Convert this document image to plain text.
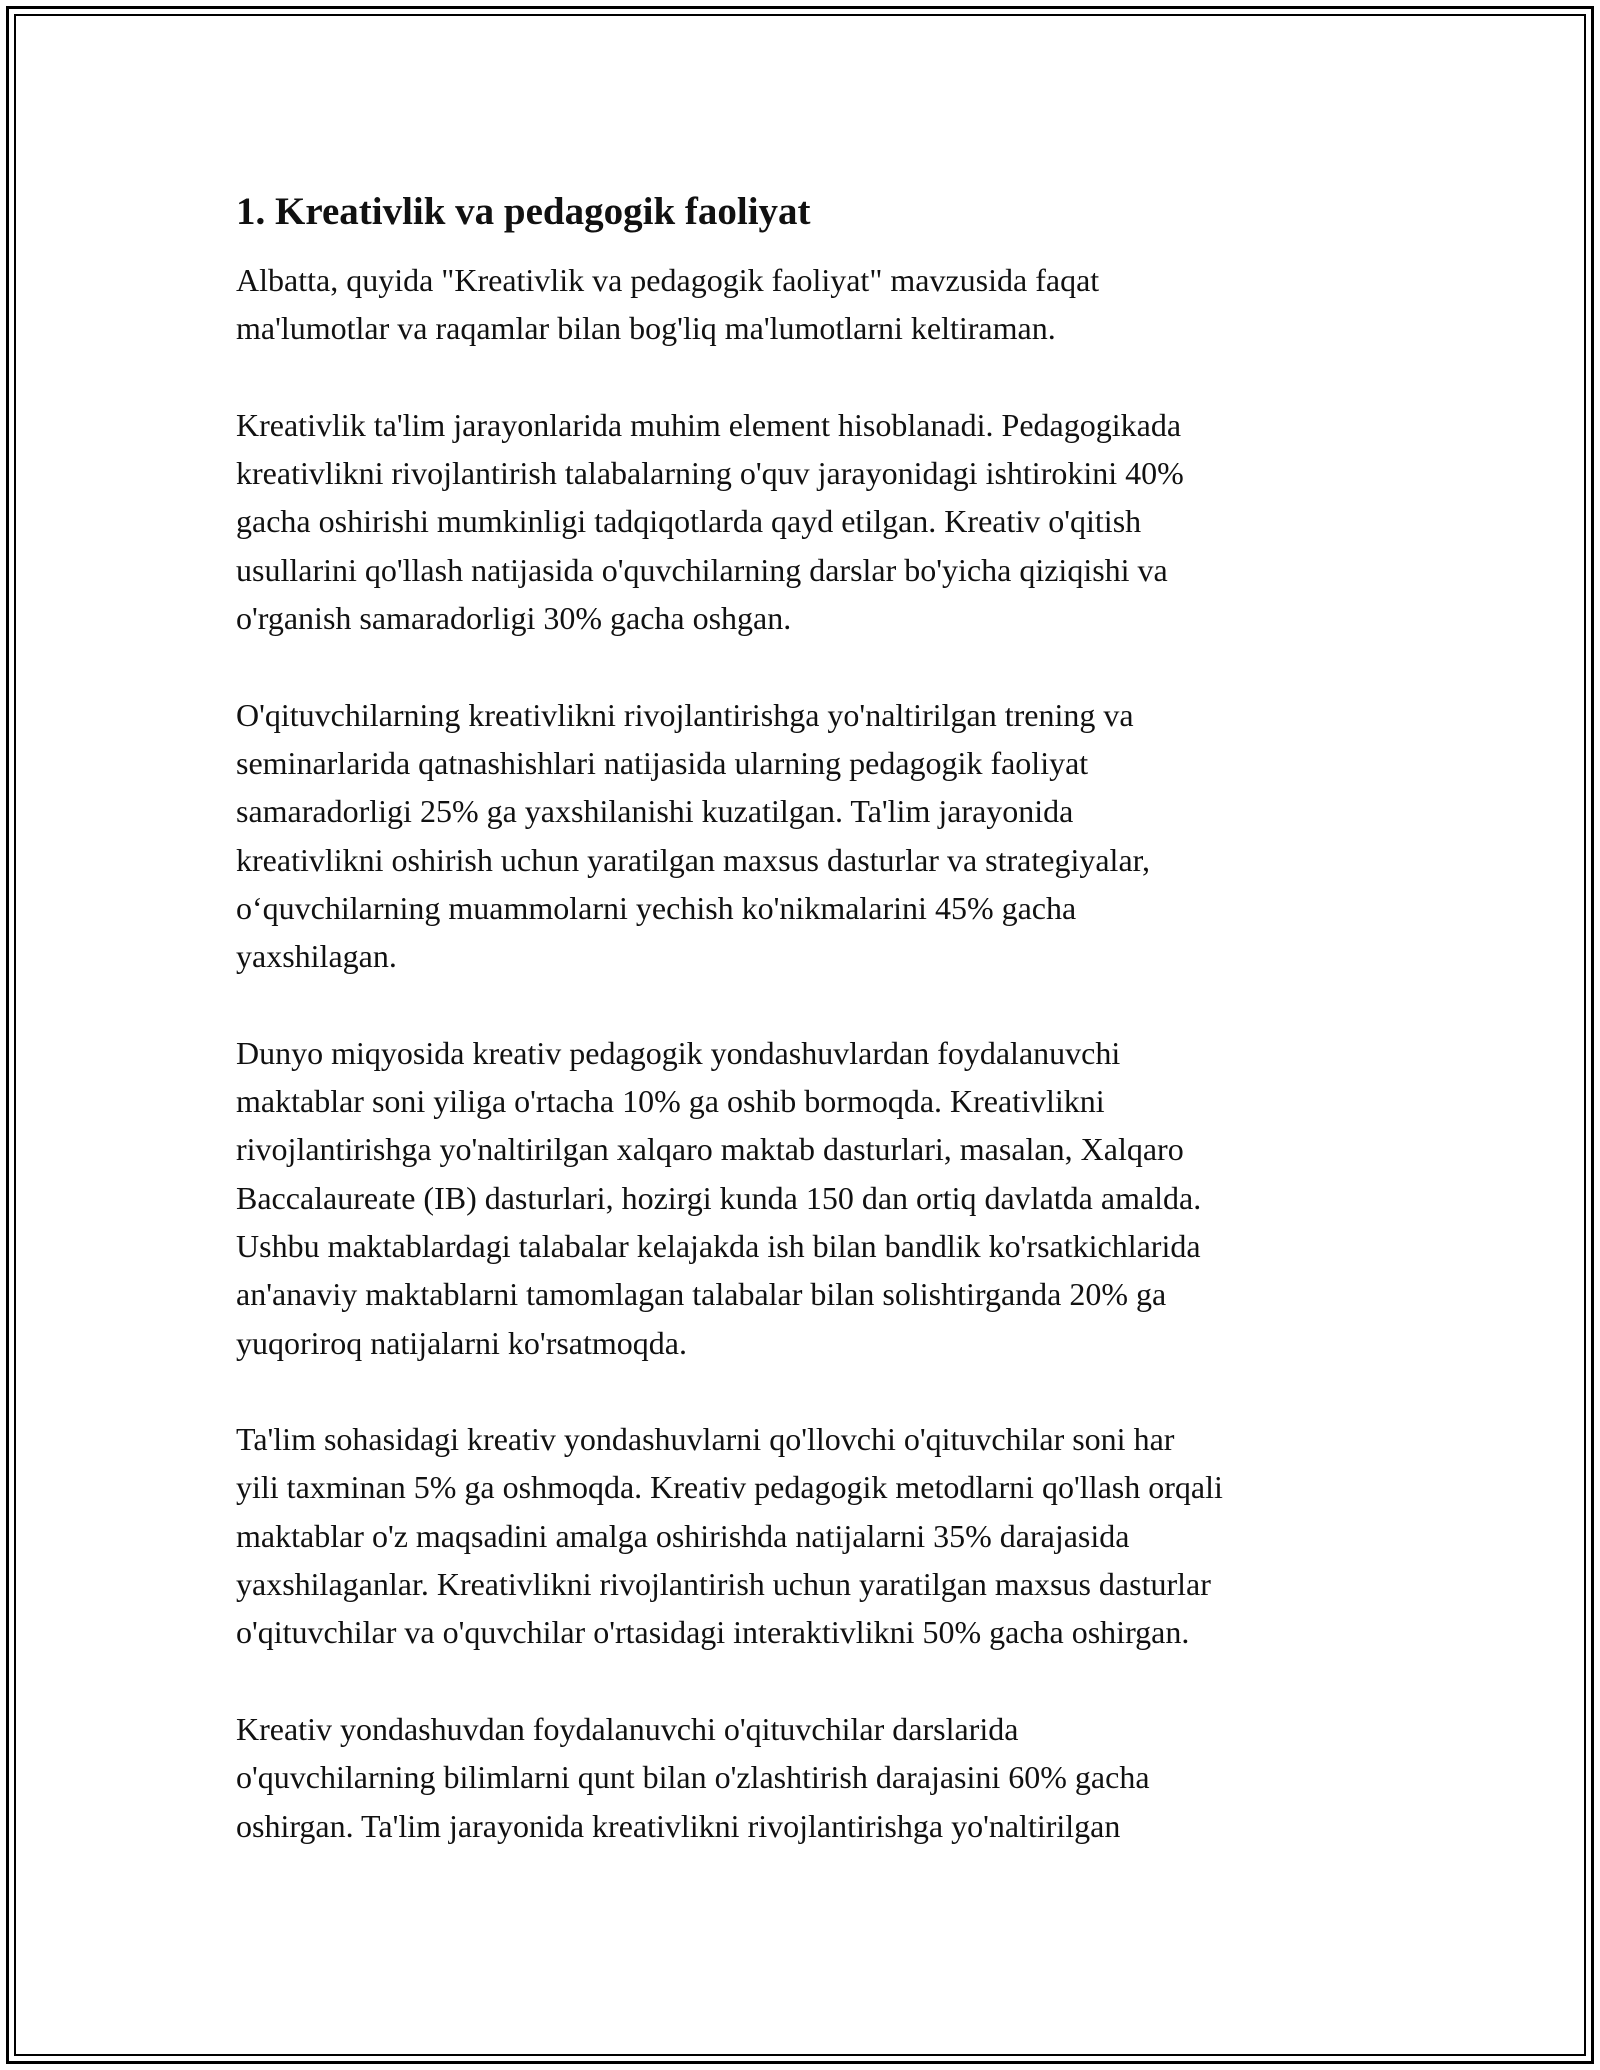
1. Kreativlik va pedagogik faoliyat

Albatta, quyida "Kreativlik va pedagogik faoliyat" mavzusida faqat
ma'lumotlar va raqamlar bilan bog'liq ma'lumotlarni keltiraman.

Kreativlik ta'lim jarayonlarida muhim element hisoblanadi. Pedagogikada
kreativlikni rivojlantirish talabalarning o'quv jarayonidagi ishtirokini 40%
gacha oshirishi mumkinligi tadqiqotlarda qayd etilgan. Kreativ o'qitish
usullarini qo'llash natijasida o'quvchilarning darslar bo'yicha qiziqishi va
o'rganish samaradorligi 30% gacha oshgan.

O'qituvchilarning kreativlikni rivojlantirishga yo'naltirilgan trening va
seminarlarida qatnashishlari natijasida ularning pedagogik faoliyat
samaradorligi 25% ga yaxshilanishi kuzatilgan. Ta'lim jarayonida
kreativlikni oshirish uchun yaratilgan maxsus dasturlar va strategiyalar,
o‘quvchilarning muammolarni yechish ko'nikmalarini 45% gacha
yaxshilagan.

Dunyo miqyosida kreativ pedagogik yondashuvlardan foydalanuvchi
maktablar soni yiliga o'rtacha 10% ga oshib bormoqda. Kreativlikni
rivojlantirishga yo'naltirilgan xalqaro maktab dasturlari, masalan, Xalqaro
Baccalaureate (IB) dasturlari, hozirgi kunda 150 dan ortiq davlatda amalda.
Ushbu maktablardagi talabalar kelajakda ish bilan bandlik ko'rsatkichlarida
an'anaviy maktablarni tamomlagan talabalar bilan solishtirganda 20% ga
yuqoriroq natijalarni ko'rsatmoqda.

Ta'lim sohasidagi kreativ yondashuvlarni qo'llovchi o'qituvchilar soni har
yili taxminan 5% ga oshmoqda. Kreativ pedagogik metodlarni qo'llash orqali
maktablar o'z maqsadini amalga oshirishda natijalarni 35% darajasida
yaxshilaganlar. Kreativlikni rivojlantirish uchun yaratilgan maxsus dasturlar
o'qituvchilar va o'quvchilar o'rtasidagi interaktivlikni 50% gacha oshirgan.

Kreativ yondashuvdan foydalanuvchi o'qituvchilar darslarida
o'quvchilarning bilimlarni qunt bilan o'zlashtirish darajasini 60% gacha
oshirgan. Ta'lim jarayonida kreativlikni rivojlantirishga yo'naltirilgan
